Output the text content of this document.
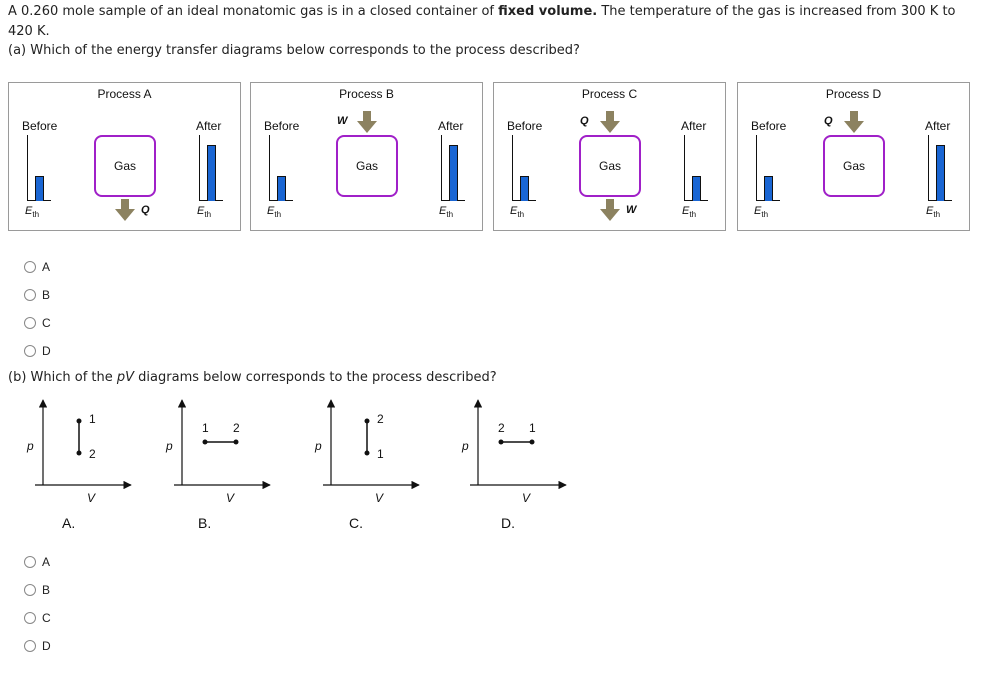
A 0.260 mole sample of an ideal monatomic gas is in a closed container of fixed volume. The temperature of the gas is increased from 300 K to
420 K.
(a) Which of the energy transfer diagrams below corresponds to the process described?
Process A
Before	After
Gas
$E_{th}$	$E_{th}$
Q
Process B
Before	After
Gas
$E_{th}$	$E_{th}$
W
Process C
Before	After
Gas
$E_{th}$	$E_{th}$
Q
W
Process D
Before	After
Gas
$E_{th}$	$E_{th}$
Q
A
B
C
D
(b) Which of the pV diagrams below corresponds to the process described?
p
V
A.
1
2
p
V
B.
1 2
p
V
C.
2
1
p
V
D.
2 1
A
B
C
D
